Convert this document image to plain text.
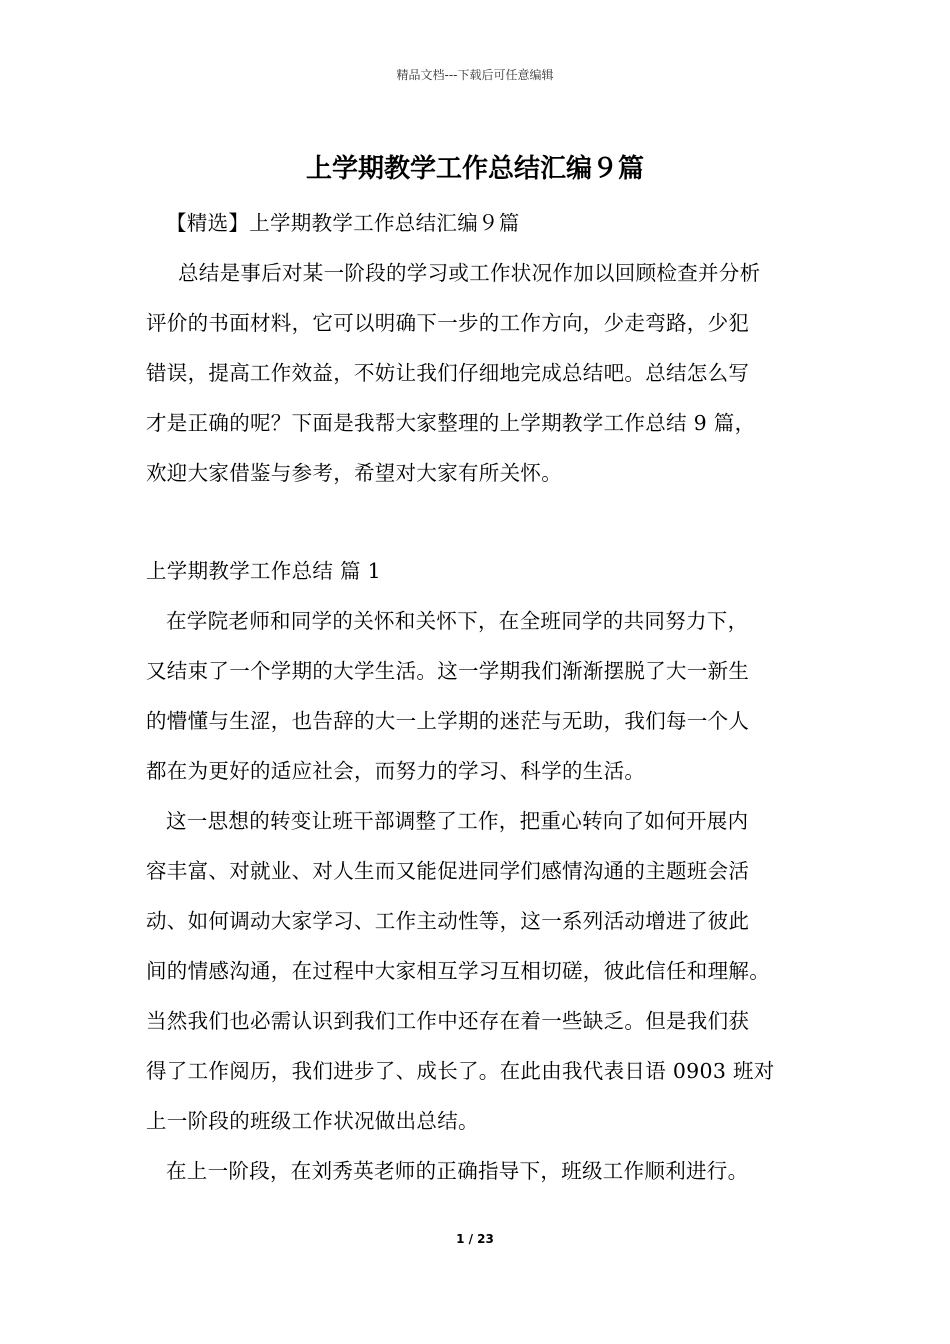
精品文档---下载后可任意编辑
上学期教学工作总结汇编９篇
【精选】上学期教学工作总结汇编９篇
总结是事后对某一阶段的学习或工作状况作加以回顾检查并分析
评价的书面材料，它可以明确下一步的工作方向，少走弯路，少犯
错误，提高工作效益，不妨让我们仔细地完成总结吧。总结怎么写
才是正确的呢？下面是我帮大家整理的上学期教学工作总结 9 篇，
欢迎大家借鉴与参考，希望对大家有所关怀。
上学期教学工作总结 篇 1
在学院老师和同学的关怀和关怀下，在全班同学的共同努力下，
又结束了一个学期的大学生活。这一学期我们渐渐摆脱了大一新生
的懵懂与生涩，也告辞的大一上学期的迷茫与无助，我们每一个人
都在为更好的适应社会，而努力的学习、科学的生活。
这一思想的转变让班干部调整了工作，把重心转向了如何开展内
容丰富、对就业、对人生而又能促进同学们感情沟通的主题班会活
动、如何调动大家学习、工作主动性等，这一系列活动增进了彼此
间的情感沟通，在过程中大家相互学习互相切磋，彼此信任和理解。
当然我们也必需认识到我们工作中还存在着一些缺乏。但是我们获
得了工作阅历，我们进步了、成长了。在此由我代表日语 0903 班对
上一阶段的班级工作状况做出总结。
在上一阶段，在刘秀英老师的正确指导下，班级工作顺利进行。
1 / 23
